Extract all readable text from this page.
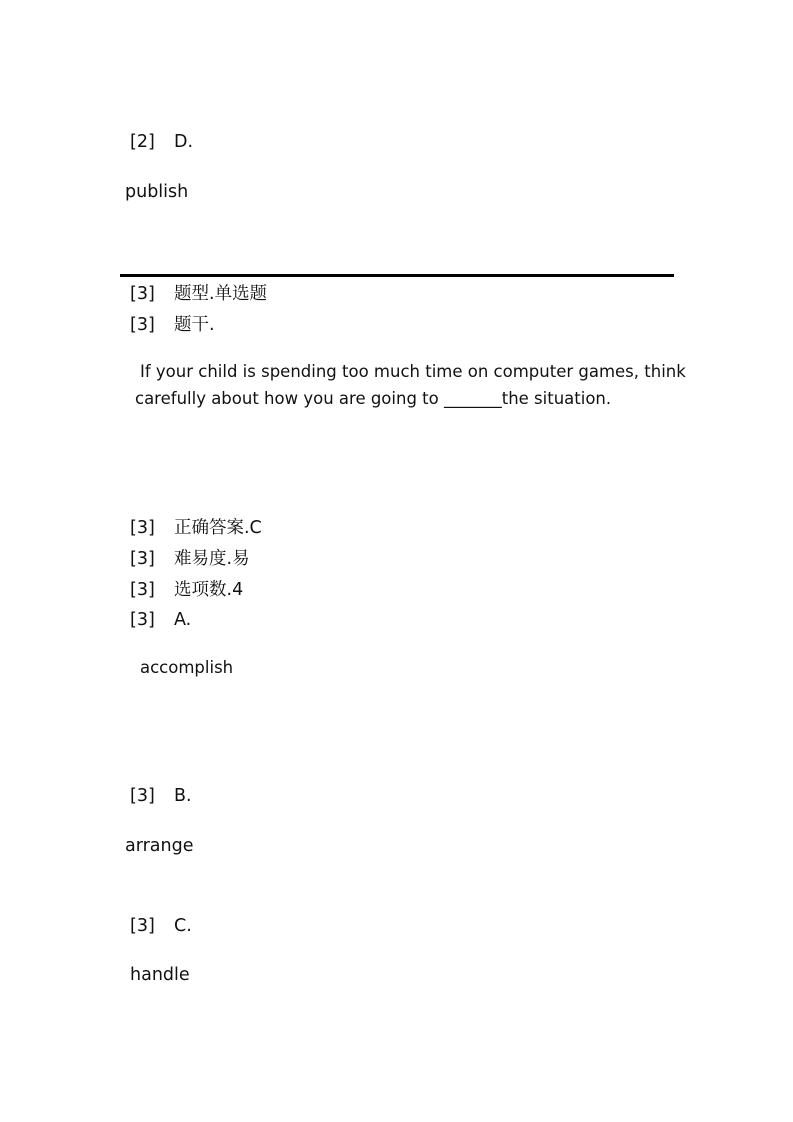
[2] D.
publish
[3] 题型.单选题
[3] 题干.
If your child is spending too much time on computer games, think
carefully about how you are going to _______the situation.
[3] 正确答案.C
[3] 难易度.易
[3] 选项数.4
[3] A.
accomplish
[3] B.
arrange
[3] C.
handle
